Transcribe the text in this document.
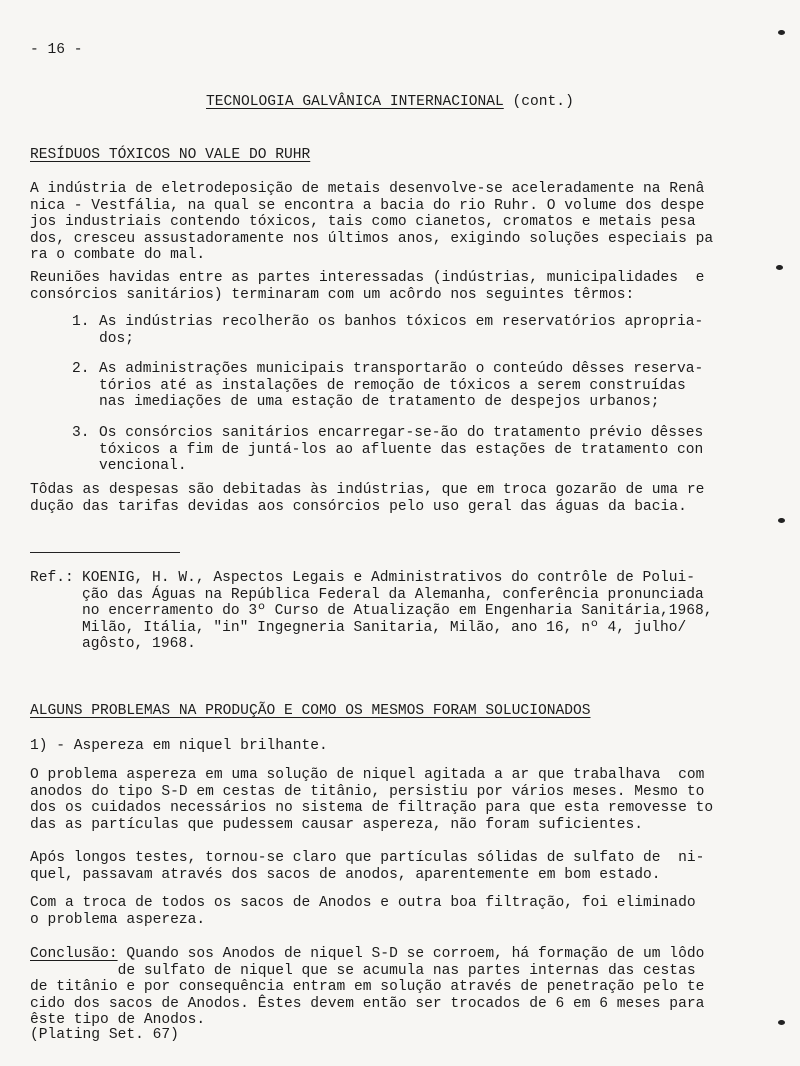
- 16 -
TECNOLOGIA GALVÂNICA INTERNACIONAL (cont.)
RESÍDUOS TÓXICOS NO VALE DO RUHR
A indústria de eletrodeposição de metais desenvolve-se aceleradamente na Renâ
nica - Vestfália, na qual se encontra a bacia do rio Ruhr. O volume dos despe
jos industriais contendo tóxicos, tais como cianetos, cromatos e metais pesa
dos, cresceu assustadoramente nos últimos anos, exigindo soluções especiais pa
ra o combate do mal.
Reuniões havidas entre as partes interessadas (indústrias, municipalidades  e
consórcios sanitários) terminaram com um acôrdo nos seguintes têrmos:
1. As indústrias recolherão os banhos tóxicos em reservatórios apropria-
dos;
2. As administrações municipais transportarão o conteúdo dêsses reserva-
tórios até as instalações de remoção de tóxicos a serem construídas
nas imediações de uma estação de tratamento de despejos urbanos;
3. Os consórcios sanitários encarregar-se-ão do tratamento prévio dêsses
tóxicos a fim de juntá-los ao afluente das estações de tratamento con
vencional.
Tôdas as despesas são debitadas às indústrias, que em troca gozarão de uma re
dução das tarifas devidas aos consórcios pelo uso geral das águas da bacia.
Ref.: KOENIG, H. W., Aspectos Legais e Administrativos do contrôle de Polui-
ção das Águas na República Federal da Alemanha, conferência pronunciada
no encerramento do 3º Curso de Atualização em Engenharia Sanitária,1968,
Milão, Itália, "in" Ingegneria Sanitaria, Milão, ano 16, nº 4, julho/
agôsto, 1968.
ALGUNS PROBLEMAS NA PRODUÇÃO E COMO OS MESMOS FORAM SOLUCIONADOS
1) - Aspereza em niquel brilhante.
O problema aspereza em uma solução de niquel agitada a ar que trabalhava  com
anodos do tipo S-D em cestas de titânio, persistiu por vários meses. Mesmo to
dos os cuidados necessários no sistema de filtração para que esta removesse to
das as partículas que pudessem causar aspereza, não foram suficientes.
Após longos testes, tornou-se claro que partículas sólidas de sulfato de  ni-
quel, passavam através dos sacos de anodos, aparentemente em bom estado.
Com a troca de todos os sacos de Anodos e outra boa filtração, foi eliminado
o problema aspereza.
Conclusão: Quando sos Anodos de niquel S-D se corroem, há formação de um lôdo
de sulfato de niquel que se acumula nas partes internas das cestas
de titânio e por consequência entram em solução através de penetração pelo te
cido dos sacos de Anodos. Êstes devem então ser trocados de 6 em 6 meses para
êste tipo de Anodos.
(Plating Set. 67)
